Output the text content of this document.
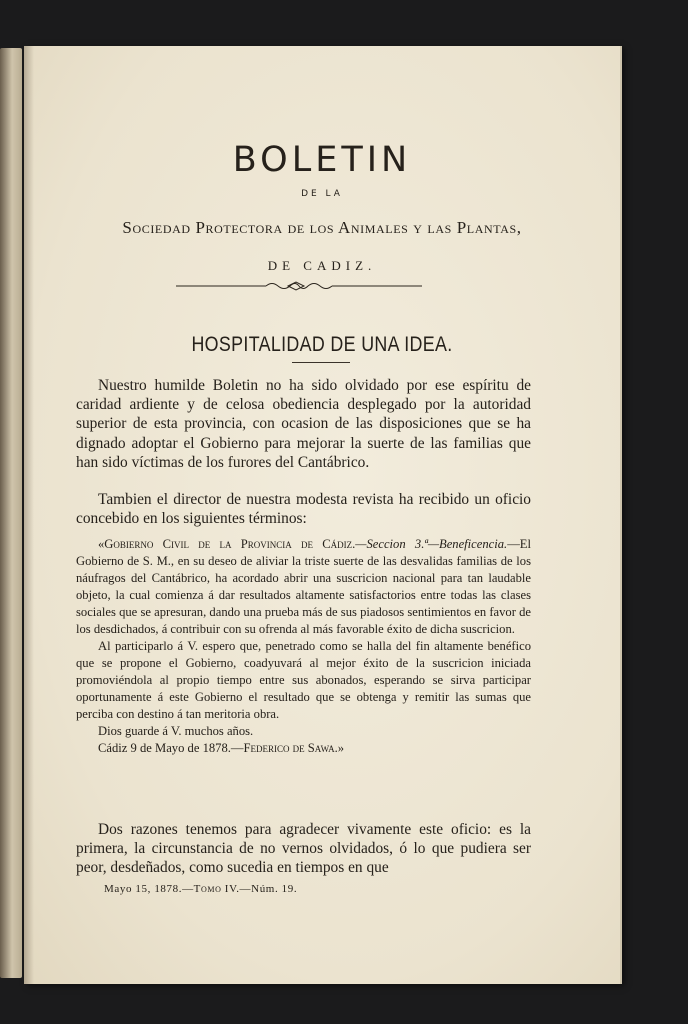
BOLETIN
DE LA
Sociedad Protectora de los Animales y las Plantas,
DE CADIZ.
HOSPITALIDAD DE UNA IDEA.

Nuestro humilde Boletin no ha sido olvidado por ese espíritu de caridad ardiente y de celosa obediencia desplegado por la autoridad superior de esta provincia, con ocasion de las disposiciones que se ha dignado adoptar el Gobierno para mejorar la suerte de las familias que han sido víctimas de los furores del Cantábrico.

Tambien el director de nuestra modesta revista ha recibido un oficio concebido en los siguientes términos:

«Gobierno Civil de la Provincia de Cádiz.—Seccion 3.ª—Beneficencia.—El Gobierno de S. M., en su deseo de aliviar la triste suerte de las desvalidas familias de los náufragos del Cantábrico, ha acordado abrir una suscricion nacional para tan laudable objeto, la cual comienza á dar resultados altamente satisfactorios entre todas las clases sociales que se apresuran, dando una prueba más de sus piadosos sentimientos en favor de los desdichados, á contribuir con su ofrenda al más favorable éxito de dicha suscricion.

Al participarlo á V. espero que, penetrado como se halla del fin altamente benéfico que se propone el Gobierno, coadyuvará al mejor éxito de la suscricion iniciada promoviéndola al propio tiempo entre sus abonados, esperando se sirva participar oportunamente á este Gobierno el resultado que se obtenga y remitir las sumas que perciba con destino á tan meritoria obra.

Dios guarde á V. muchos años.

Cádiz 9 de Mayo de 1878.—Federico de Sawa.»

Dos razones tenemos para agradecer vivamente este oficio: es la primera, la circunstancia de no vernos olvidados, ó lo que pudiera ser peor, desdeñados, como sucedia en tiempos en que

Mayo 15, 1878.—Tomo IV.—Núm. 19.
